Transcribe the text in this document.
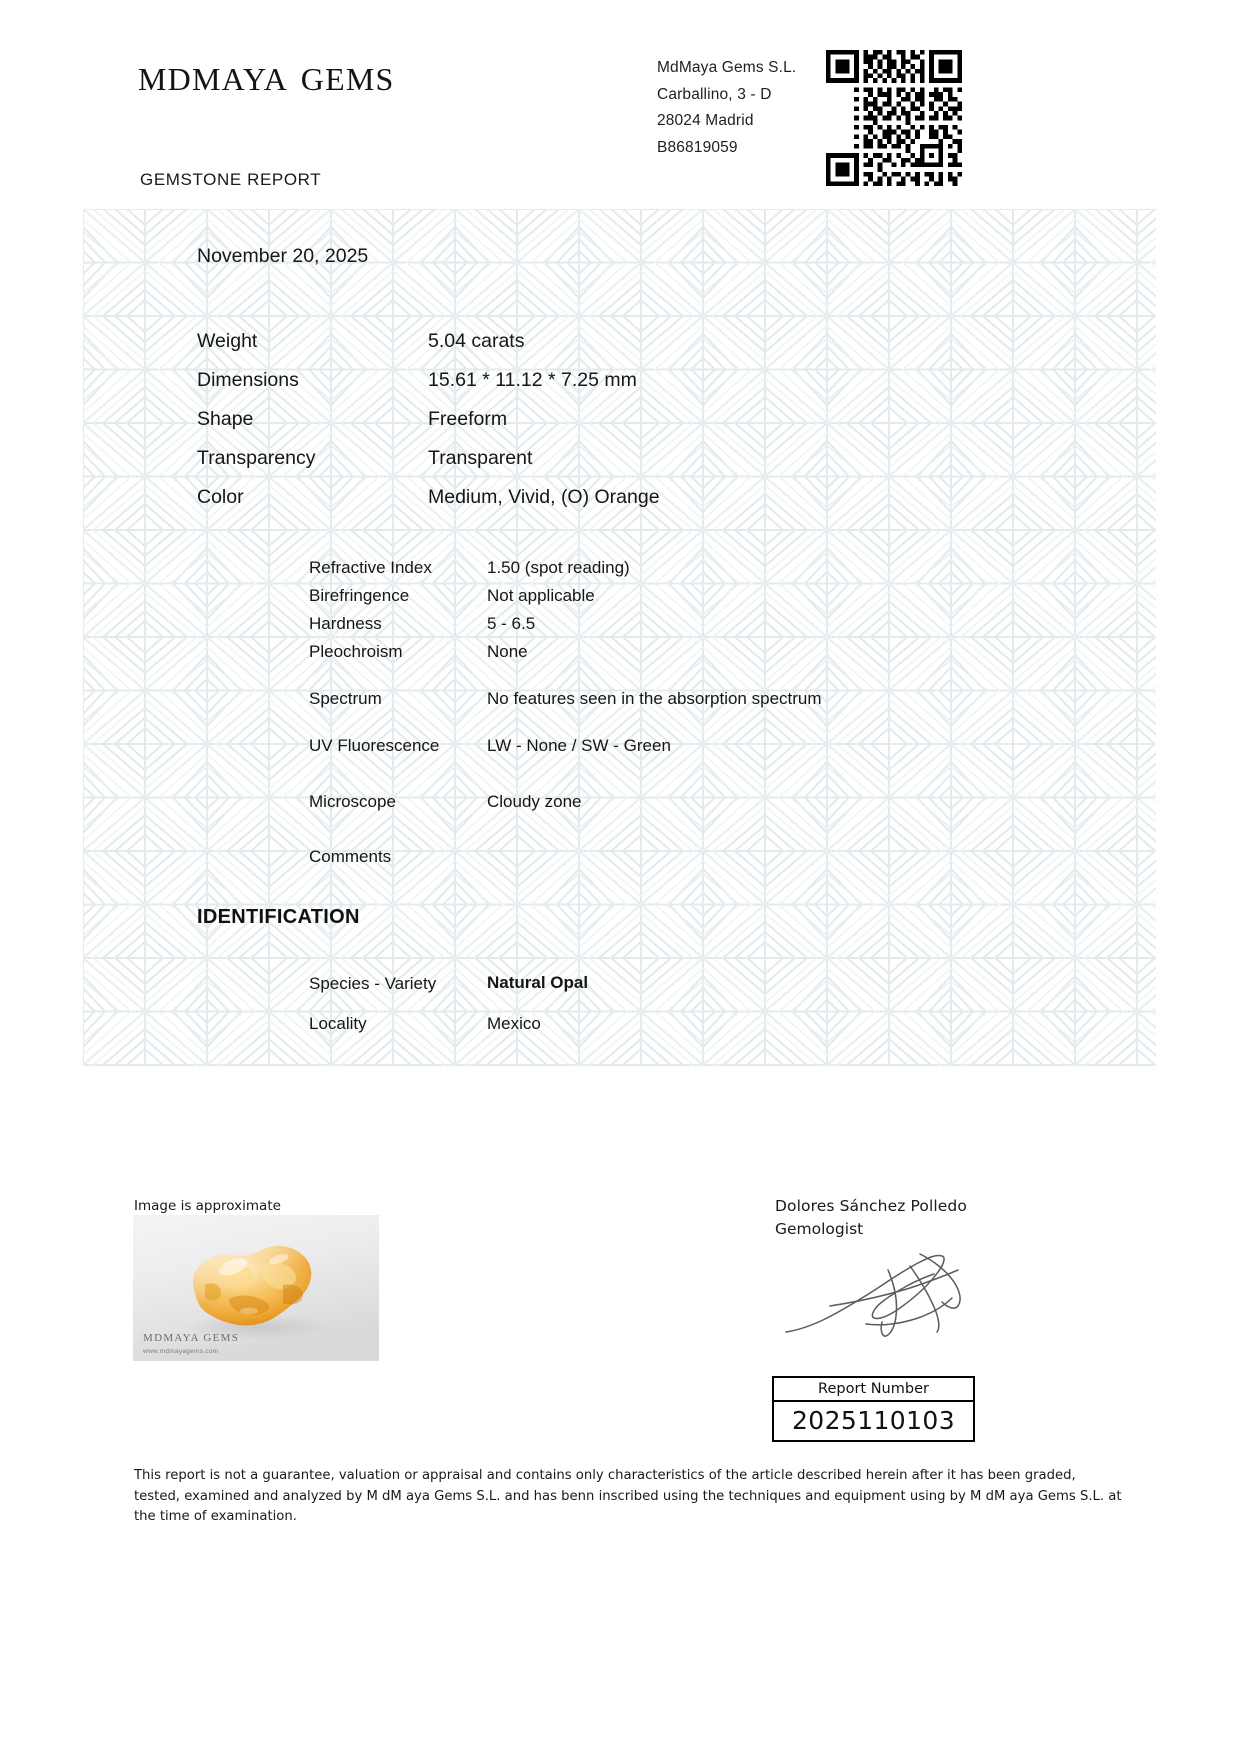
mdmaya gems	MdMaya Gems S.L.
Carballino, 3 - D
28024 Madrid
B86819059
GEMSTONE REPORT
November 20, 2025
Weight	5.04 carats
Dimensions	15.61 * 11.12 * 7.25 mm
Shape	Freeform
Transparency	Transparent
Color	Medium, Vivid, (O) Orange
Refractive Index	1.50 (spot reading)
Birefringence	Not applicable
Hardness	5 - 6.5
Pleochroism	None
Spectrum	No features seen in the absorption spectrum
UV Fluorescence	LW - None / SW - Green
Microscope	Cloudy zone
Comments
IDENTIFICATION
Species - Variety	Natural Opal
Locality	Mexico
Image is approximate
MDMAYA GEMS
www.mdmayagems.com
Dolores Sánchez Polledo
Gemologist
Report Number
2025110103
This report is not a guarantee, valuation or appraisal and contains only characteristics of the article described herein after it has been graded,
tested, examined and analyzed by M dM aya Gems S.L. and has benn inscribed using the techniques and equipment using by M dM aya Gems S.L. at
the time of examination.
